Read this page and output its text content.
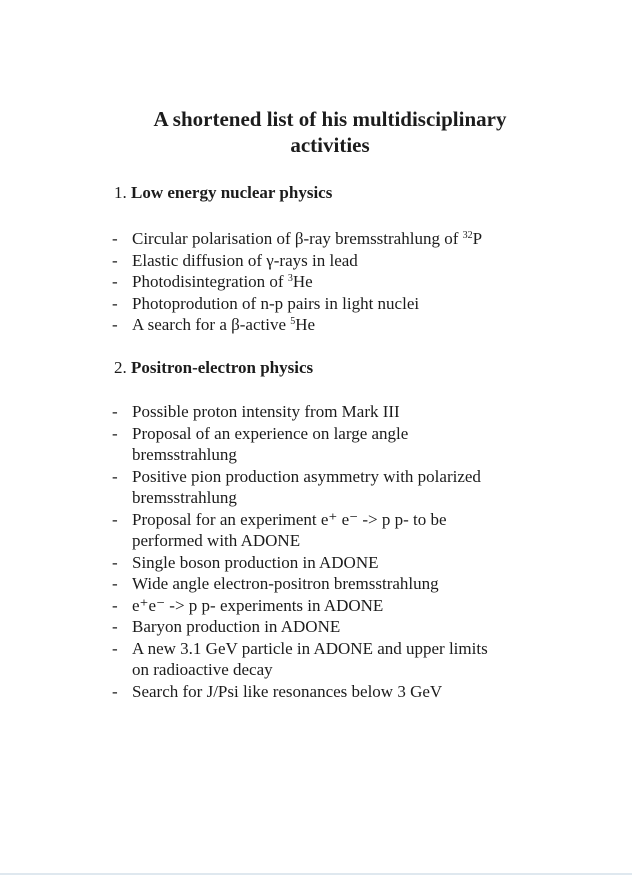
A shortened list of his multidisciplinary
activities
1. Low energy nuclear physics
- Circular polarisation of β-ray bremsstrahlung of $^{32}$P
- Elastic diffusion of γ-rays in lead
- Photodisintegration of $^3$He
- Photoprodution of n-p pairs in light nuclei
- A search for a β-active $^5$He
2. Positron-electron physics
- Possible proton intensity from Mark III
- Proposal of an experience on large angle
bremsstrahlung
- Positive pion production asymmetry with polarized
bremsstrahlung
- Proposal for an experiment e⁺ e⁻ -> p p- to be
performed with ADONE
- Single boson production in ADONE
- Wide angle electron-positron bremsstrahlung
- e⁺e⁻ -> p p- experiments in ADONE
- Baryon production in ADONE
- A new 3.1 GeV particle in ADONE and upper limits
on radioactive decay
- Search for J/Psi like resonances below 3 GeV
